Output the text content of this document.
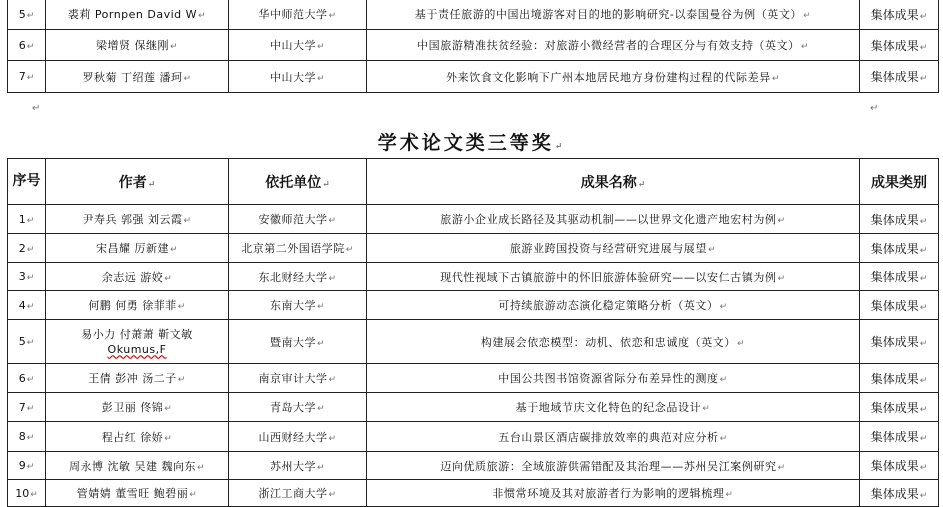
5↵	裘莉 Pornpen David W↵	华中师范大学↵	基于责任旅游的中国出境游客对目的地的影响研究-以泰国曼谷为例（英文）↵	集体成果↵
6↵	梁增贤 保继刚↵	中山大学↵	中国旅游精准扶贫经验：对旅游小微经营者的合理区分与有效支持（英文）↵	集体成果↵
7↵	罗秋菊 丁绍莲 潘珂↵	中山大学↵	外来饮食文化影响下广州本地居民地方身份建构过程的代际差异↵	集体成果↵
↵	↵
学术论文类三等奖↵
序号	作者↵	依托单位↵	成果名称↵	成果类别
1↵	尹寿兵 郭强 刘云霞↵	安徽师范大学↵	旅游小企业成长路径及其驱动机制——以世界文化遗产地宏村为例↵	集体成果↵
2↵	宋昌耀 厉新建↵	北京第二外国语学院↵	旅游业跨国投资与经营研究进展与展望↵	集体成果↵
3↵	余志远 游姣↵	东北财经大学↵	现代性视域下古镇旅游中的怀旧旅游体验研究——以安仁古镇为例↵	集体成果↵
4↵	何鹏 何勇 徐菲菲↵	东南大学↵	可持续旅游动态演化稳定策略分析（英文）↵	集体成果↵
5↵	易小力 付萧萧 靳文敏
Okumus,F	暨南大学↵	构建展会依恋模型：动机、依恋和忠诚度（英文）↵	集体成果↵
6↵	王倩 彭冲 汤二子↵	南京审计大学↵	中国公共图书馆资源省际分布差异性的测度↵	集体成果↵
7↵	彭卫丽 佟锦↵	青岛大学↵	基于地域节庆文化特色的纪念品设计↵	集体成果↵
8↵	程占红 徐娇↵	山西财经大学↵	五台山景区酒店碳排放效率的典范对应分析↵	集体成果↵
9↵	周永博 沈敏 吴建 魏向东↵	苏州大学↵	迈向优质旅游：全域旅游供需错配及其治理——苏州吴江案例研究↵	集体成果↵
10↵	管婧婧 董雪旺 鲍碧丽↵	浙江工商大学↵	非惯常环境及其对旅游者行为影响的逻辑梳理↵	集体成果↵
